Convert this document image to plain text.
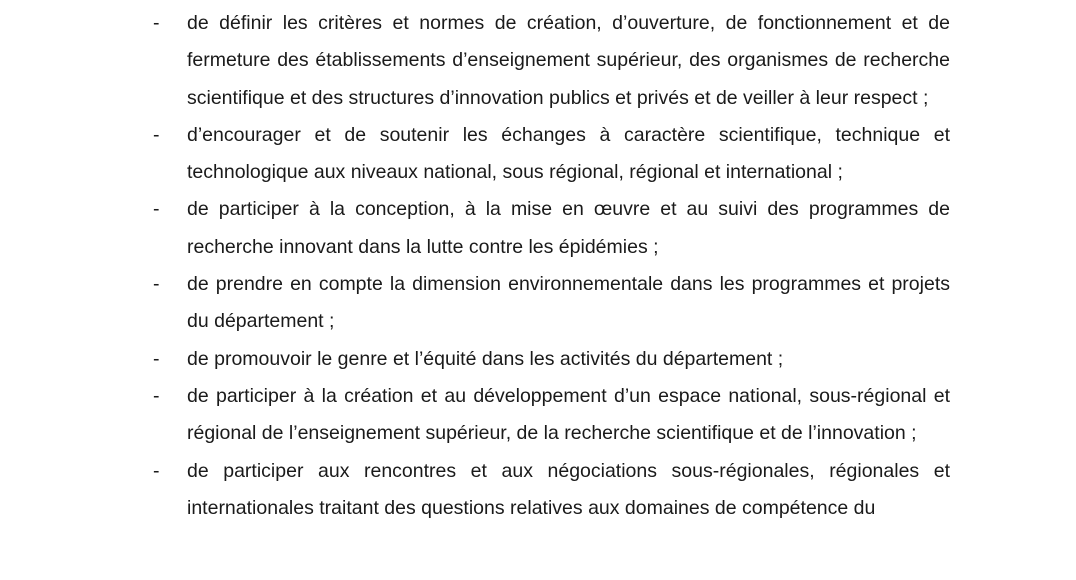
- de définir les critères et normes de création, d’ouverture, de fonctionnement et de fermeture des établissements d’enseignement supérieur, des organismes de recherche scientifique et des structures d’innovation publics et privés et de veiller à leur respect ;
- d’encourager et de soutenir les échanges à caractère scientifique, technique et technologique aux niveaux national, sous régional, régional et international ;
- de participer à la conception, à la mise en œuvre et au suivi des programmes de recherche innovant dans la lutte contre les épidémies ;
- de prendre en compte la dimension environnementale dans les programmes et projets du département ;
- de promouvoir le genre et l’équité dans les activités du département ;
- de participer à la création et au développement d’un espace national, sous-régional et régional de l’enseignement supérieur, de la recherche scientifique et de l’innovation ;
- de participer aux rencontres et aux négociations sous-régionales, régionales et internationales traitant des questions relatives aux domaines de compétence du
